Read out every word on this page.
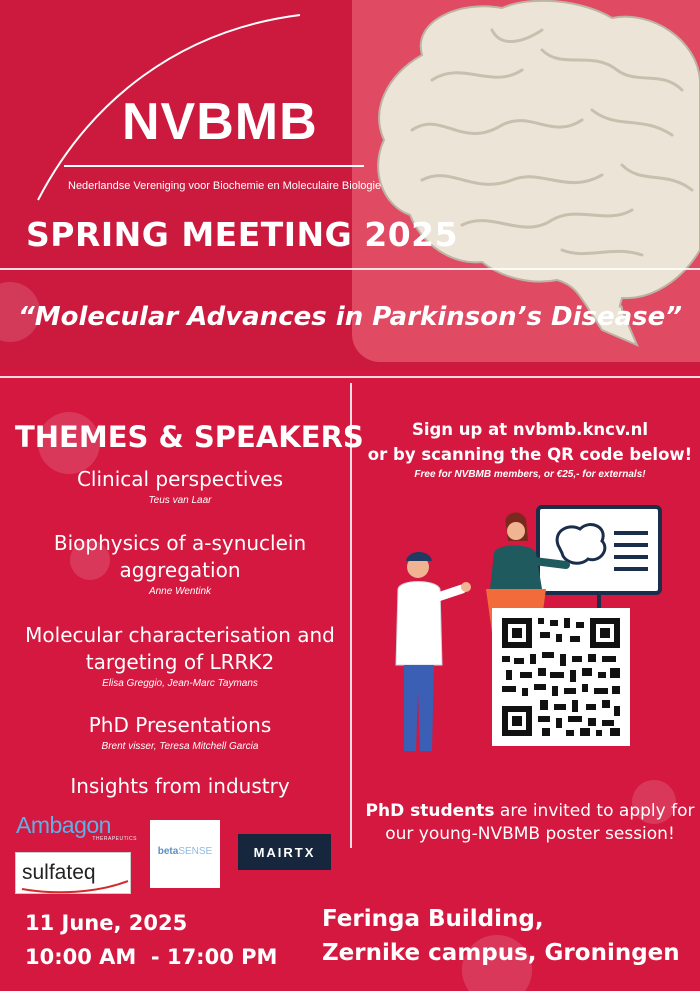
NVBMB
Nederlandse Vereniging voor Biochemie en Moleculaire Biologie
SPRING MEETING 2025
“Molecular Advances in Parkinson’s Disease”
THEMES & SPEAKERS
Clinical perspectives
Teus van Laar
Biophysics of a-synuclein aggregation
Anne Wentink
Molecular characterisation and targeting of LRRK2
Elisa Greggio, Jean-Marc Taymans
PhD Presentations
Brent visser, Teresa Mitchell Garcia
Insights from industry
Sign up at nvbmb.kncv.nl
or by scanning the QR code below!
Free for NVBMB members, or €25,- for externals!
PhD students are invited to apply for our young-NVBMB poster session!
Ambagon
THERAPEUTICS
sulfateq
betaSENSE	MAIRTX
11 June, 2025
10:00 AM  - 17:00 PM
Feringa Building,
Zernike campus, Groningen
